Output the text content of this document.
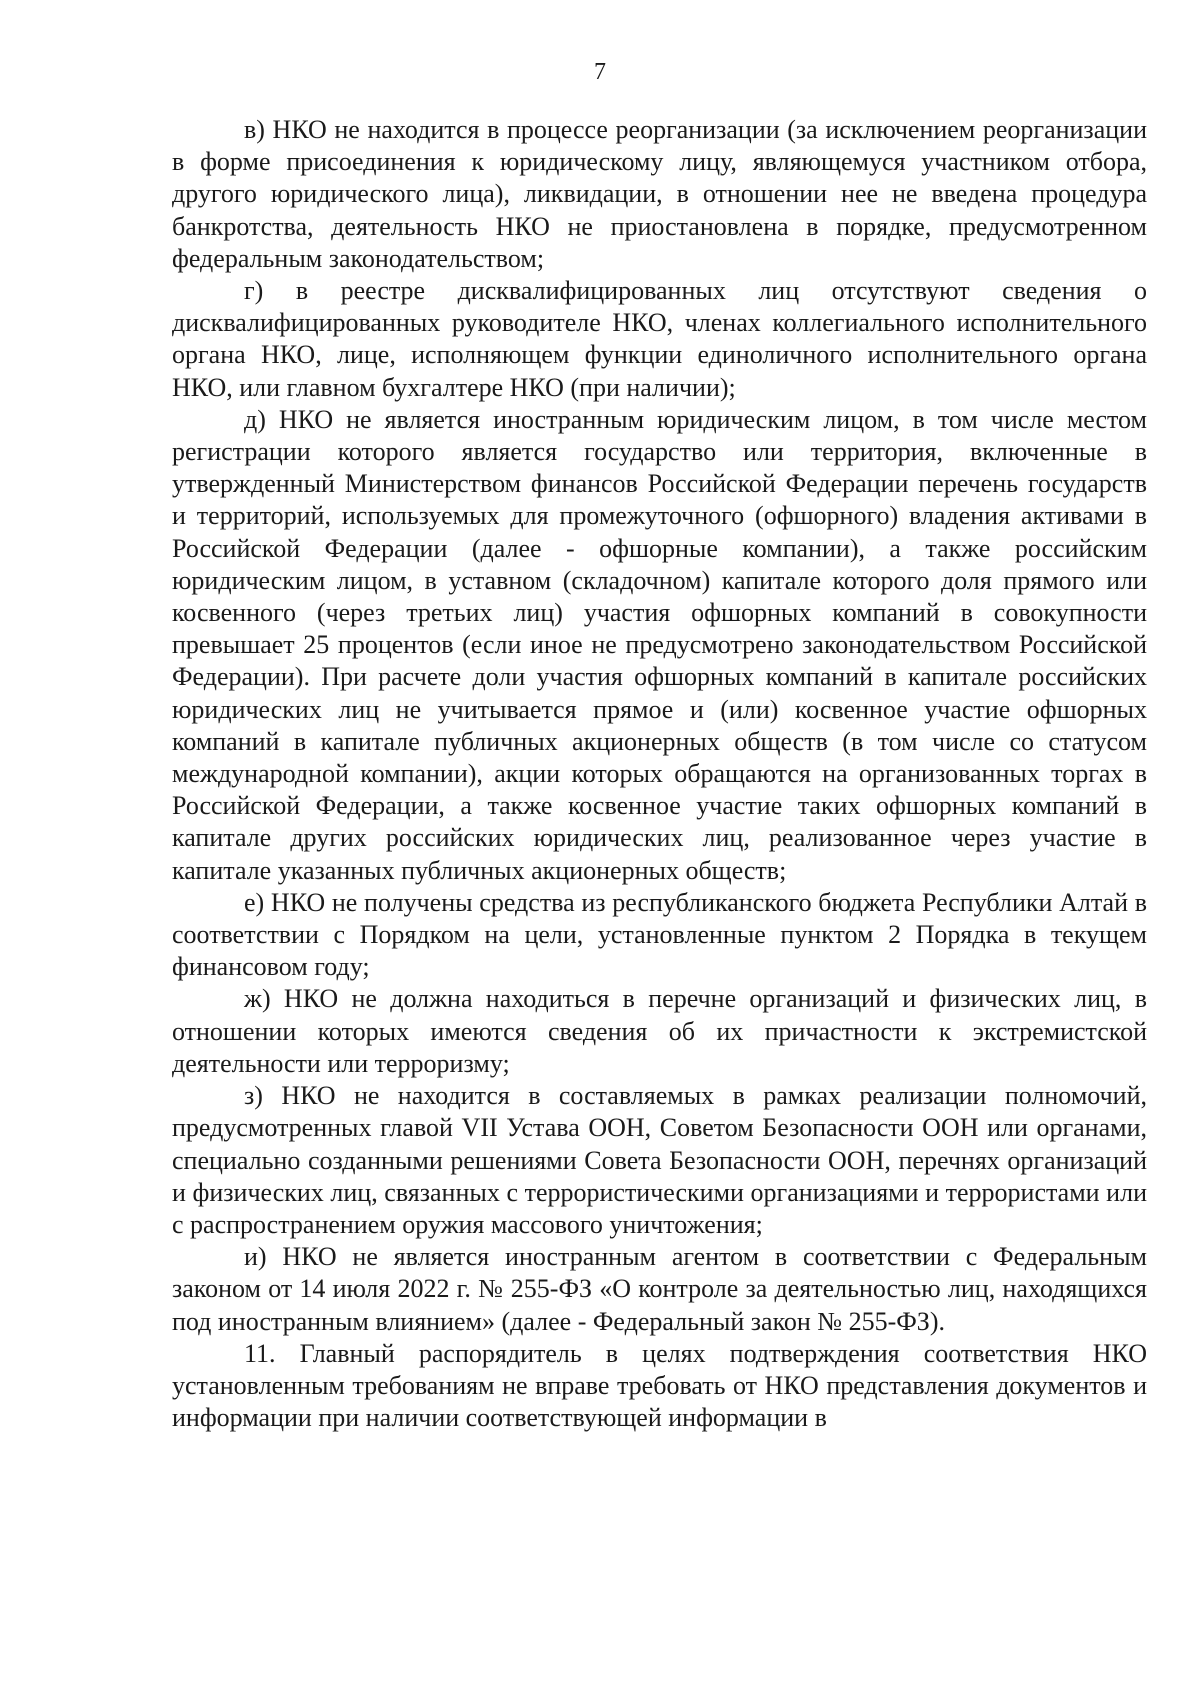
7

в) НКО не находится в процессе реорганизации (за исключением реорганизации в форме присоединения к юридическому лицу, являющемуся участником отбора, другого юридического лица), ликвидации, в отношении нее не введена процедура банкротства, деятельность НКО не приостановлена в порядке, предусмотренном федеральным законодательством;

г) в реестре дисквалифицированных лиц отсутствуют сведения о дисквалифицированных руководителе НКО, членах коллегиального исполнительного органа НКО, лице, исполняющем функции единоличного исполнительного органа НКО, или главном бухгалтере НКО (при наличии);

д) НКО не является иностранным юридическим лицом, в том числе местом регистрации которого является государство или территория, включенные в утвержденный Министерством финансов Российской Федерации перечень государств и территорий, используемых для промежуточного (офшорного) владения активами в Российской Федерации (далее - офшорные компании), а также российским юридическим лицом, в уставном (складочном) капитале которого доля прямого или косвенного (через третьих лиц) участия офшорных компаний в совокупности превышает 25 процентов (если иное не предусмотрено законодательством Российской Федерации). При расчете доли участия офшорных компаний в капитале российских юридических лиц не учитывается прямое и (или) косвенное участие офшорных компаний в капитале публичных акционерных обществ (в том числе со статусом международной компании), акции которых обращаются на организованных торгах в Российской Федерации, а также косвенное участие таких офшорных компаний в капитале других российских юридических лиц, реализованное через участие в капитале указанных публичных акционерных обществ;

е) НКО не получены средства из республиканского бюджета Республики Алтай в соответствии с Порядком на цели, установленные пунктом 2 Порядка в текущем финансовом году;

ж) НКО не должна находиться в перечне организаций и физических лиц, в отношении которых имеются сведения об их причастности к экстремистской деятельности или терроризму;

з) НКО не находится в составляемых в рамках реализации полномочий, предусмотренных главой VII Устава ООН, Советом Безопасности ООН или органами, специально созданными решениями Совета Безопасности ООН, перечнях организаций и физических лиц, связанных с террористическими организациями и террористами или с распространением оружия массового уничтожения;

и) НКО не является иностранным агентом в соответствии с Федеральным законом от 14 июля 2022 г. № 255-ФЗ «О контроле за деятельностью лиц, находящихся под иностранным влиянием» (далее - Федеральный закон № 255-ФЗ).

11. Главный распорядитель в целях подтверждения соответствия НКО установленным требованиям не вправе требовать от НКО представления документов и информации при наличии соответствующей информации в
